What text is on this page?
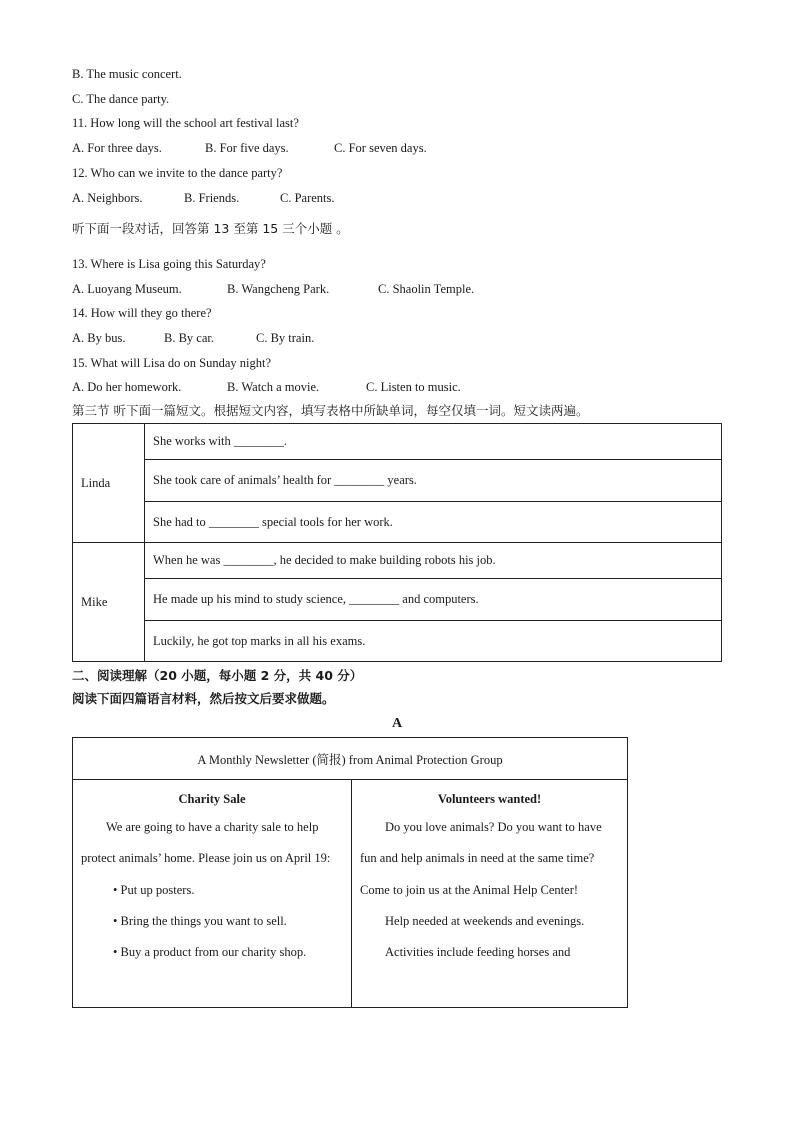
B. The music concert.
C. The dance party.
11. How long will the school art festival last?
A. For three days.	B. For five days.	C. For seven days.
12. Who can we invite to the dance party?
A. Neighbors.	B. Friends.	C. Parents.
听下面一段对话，回答第 13 至第 15 三个小题 。
13. Where is Lisa going this Saturday?
A. Luoyang Museum.	B. Wangcheng Park.	C. Shaolin Temple.
14. How will they go there?
A. By bus.	B. By car.	C. By train.
15. What will Lisa do on Sunday night?
A. Do her homework.	B. Watch a movie.	C. Listen to music.
第三节 听下面一篇短文。根据短文内容，填写表格中所缺单词，每空仅填一词。短文读两遍。
Linda	She works with ________.
	She took care of animals’ health for ________ years.
	She had to ________ special tools for her work.
Mike	When he was ________, he decided to make building robots his job.
	He made up his mind to study science, ________ and computers.
	Luckily, he got top marks in all his exams.
二、阅读理解（20 小题，每小题 2 分，共 40 分）
阅读下面四篇语言材料，然后按文后要求做题。
A
A Monthly Newsletter (简报) from Animal Protection Group

Charity Sale
We are going to have a charity sale to help protect animals’ home. Please join us on April 19:
• Put up posters.
• Bring the things you want to sell.
• Buy a product from our charity shop.

Volunteers wanted!
Do you love animals? Do you want to have fun and help animals in need at the same time? Come to join us at the Animal Help Center!
Help needed at weekends and evenings.
Activities include feeding horses and
